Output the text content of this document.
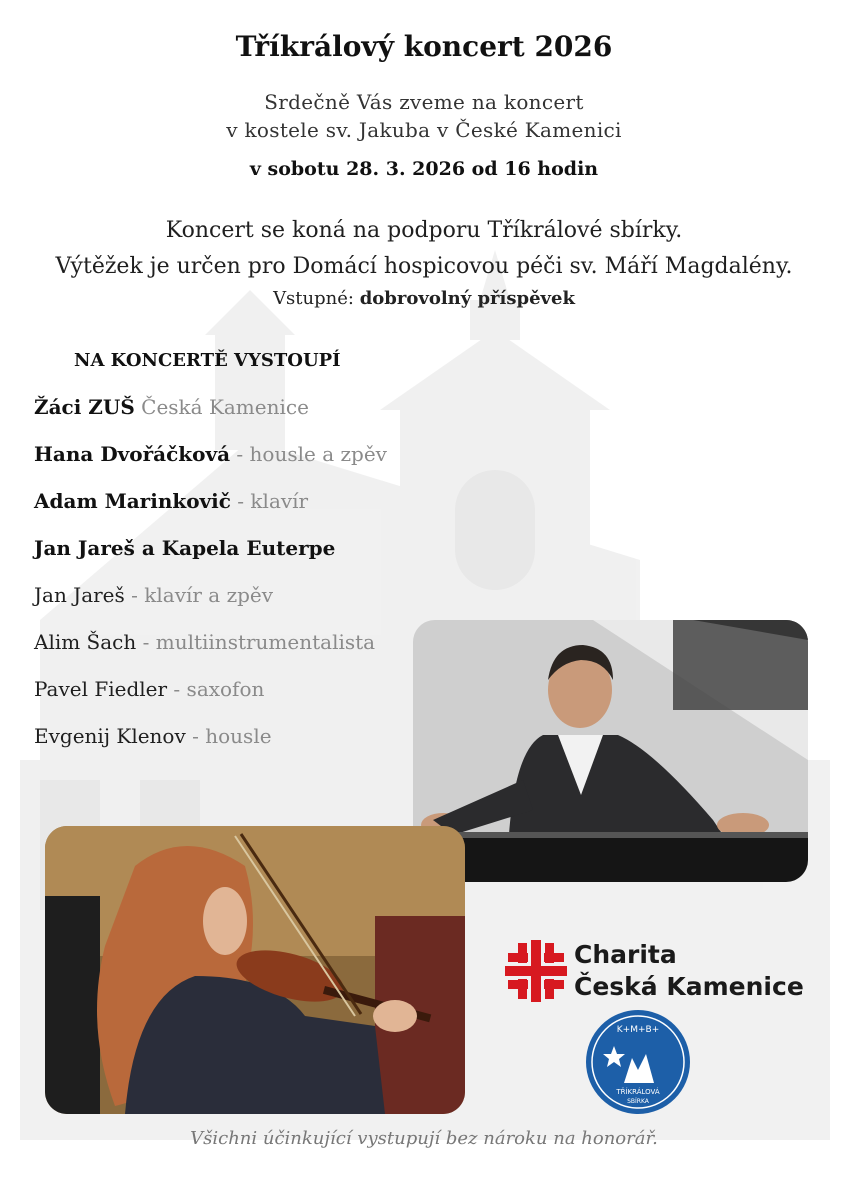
Tříkrálový koncert 2026
Srdečně Vás zveme na koncert
v kostele sv. Jakuba v České Kamenici
v sobotu 28. 3. 2026 od 16 hodin
Koncert se koná na podporu Tříkrálové sbírky.
Výtěžek je určen pro Domácí hospicovou péči sv. Máří Magdalény.
Vstupné: dobrovolný příspěvek
NA KONCERTĚ VYSTOUPÍ
Žáci ZUŠ Česká Kamenice
Hana Dvořáčková - housle a zpěv
Adam Marinkovič - klavír
Jan Jareš a Kapela Euterpe
Jan Jareš - klavír a zpěv
Alim Šach - multiinstrumentalista
Pavel Fiedler - saxofon
Evgenij Klenov - housle
Charita
Česká Kamenice
K+M+B+
TŘÍKRÁLOVÁ
SBÍRKA
Všichni účinkující vystupují bez nároku na honorář.
